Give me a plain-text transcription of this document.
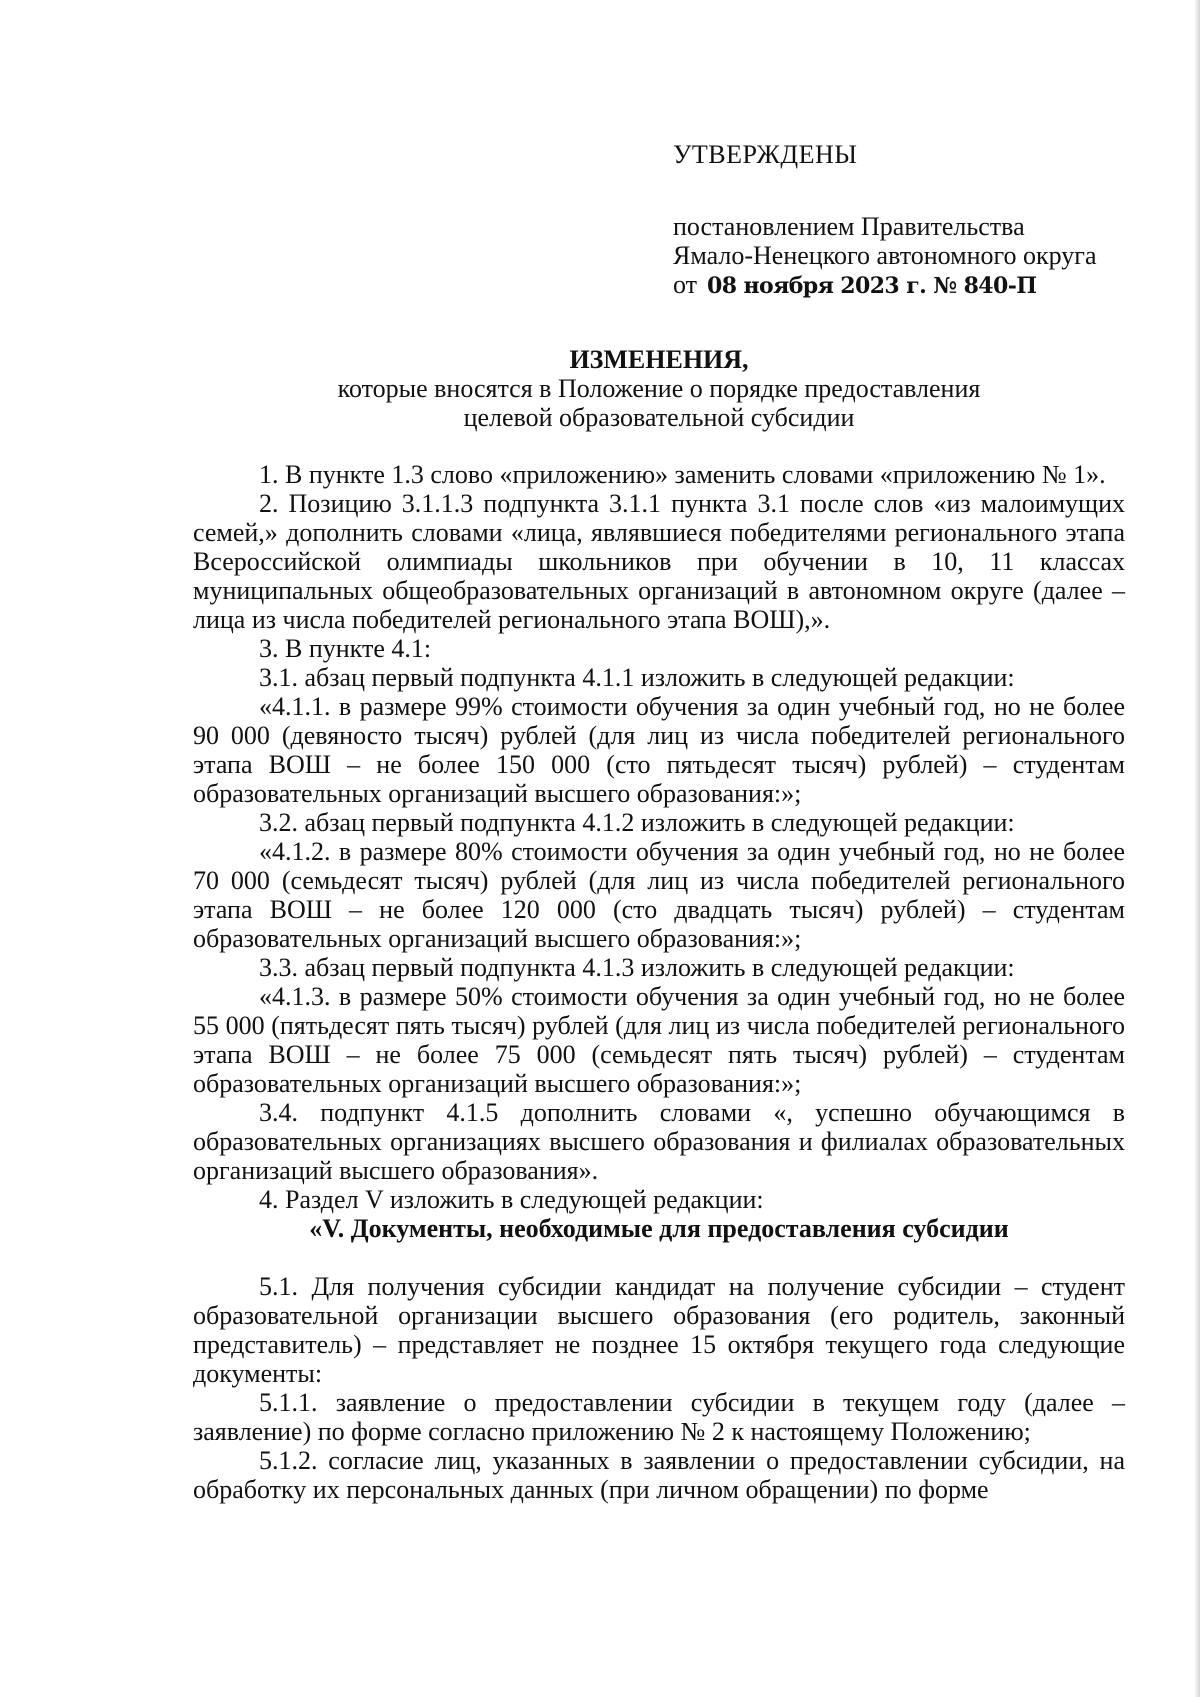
УТВЕРЖДЕНЫ
постановлением Правительства
Ямало-Ненецкого автономного округа
от 08 ноября 2023 г. № 840-П
ИЗМЕНЕНИЯ,
которые вносятся в Положение о порядке предоставления
целевой образовательной субсидии

1. В пункте 1.3 слово «приложению» заменить словами «приложению № 1».

2. Позицию 3.1.1.3 подпункта 3.1.1 пункта 3.1 после слов «из малоимущих семей,» дополнить словами «лица, являвшиеся победителями регионального этапа Всероссийской олимпиады школьников при обучении в 10, 11 классах муниципальных общеобразовательных организаций в автономном округе (далее – лица из числа победителей регионального этапа ВОШ),».

3. В пункте 4.1:

3.1. абзац первый подпункта 4.1.1 изложить в следующей редакции:

«4.1.1. в размере 99% стоимости обучения за один учебный год, но не более 90 000 (девяносто тысяч) рублей (для лиц из числа победителей регионального этапа ВОШ – не более 150 000 (сто пятьдесят тысяч) рублей) – студентам образовательных организаций высшего образования:»;

3.2. абзац первый подпункта 4.1.2 изложить в следующей редакции:

«4.1.2. в размере 80% стоимости обучения за один учебный год, но не более 70 000 (семьдесят тысяч) рублей (для лиц из числа победителей регионального этапа ВОШ – не более 120 000 (сто двадцать тысяч) рублей) – студентам образовательных организаций высшего образования:»;

3.3. абзац первый подпункта 4.1.3 изложить в следующей редакции:

«4.1.3. в размере 50% стоимости обучения за один учебный год, но не более 55 000 (пятьдесят пять тысяч) рублей (для лиц из числа победителей регионального этапа ВОШ – не более 75 000 (семьдесят пять тысяч) рублей) – студентам образовательных организаций высшего образования:»;

3.4. подпункт 4.1.5 дополнить словами «, успешно обучающимся в образовательных организациях высшего образования и филиалах образовательных организаций высшего образования».

4. Раздел V изложить в следующей редакции:

«V. Документы, необходимые для предоставления субсидии

5.1. Для получения субсидии кандидат на получение субсидии – студент образовательной организации высшего образования (его родитель, законный представитель) – представляет не позднее 15 октября текущего года следующие документы:

5.1.1. заявление о предоставлении субсидии в текущем году (далее – заявление) по форме согласно приложению № 2 к настоящему Положению;

5.1.2. согласие лиц, указанных в заявлении о предоставлении субсидии, на обработку их персональных данных (при личном обращении) по форме
